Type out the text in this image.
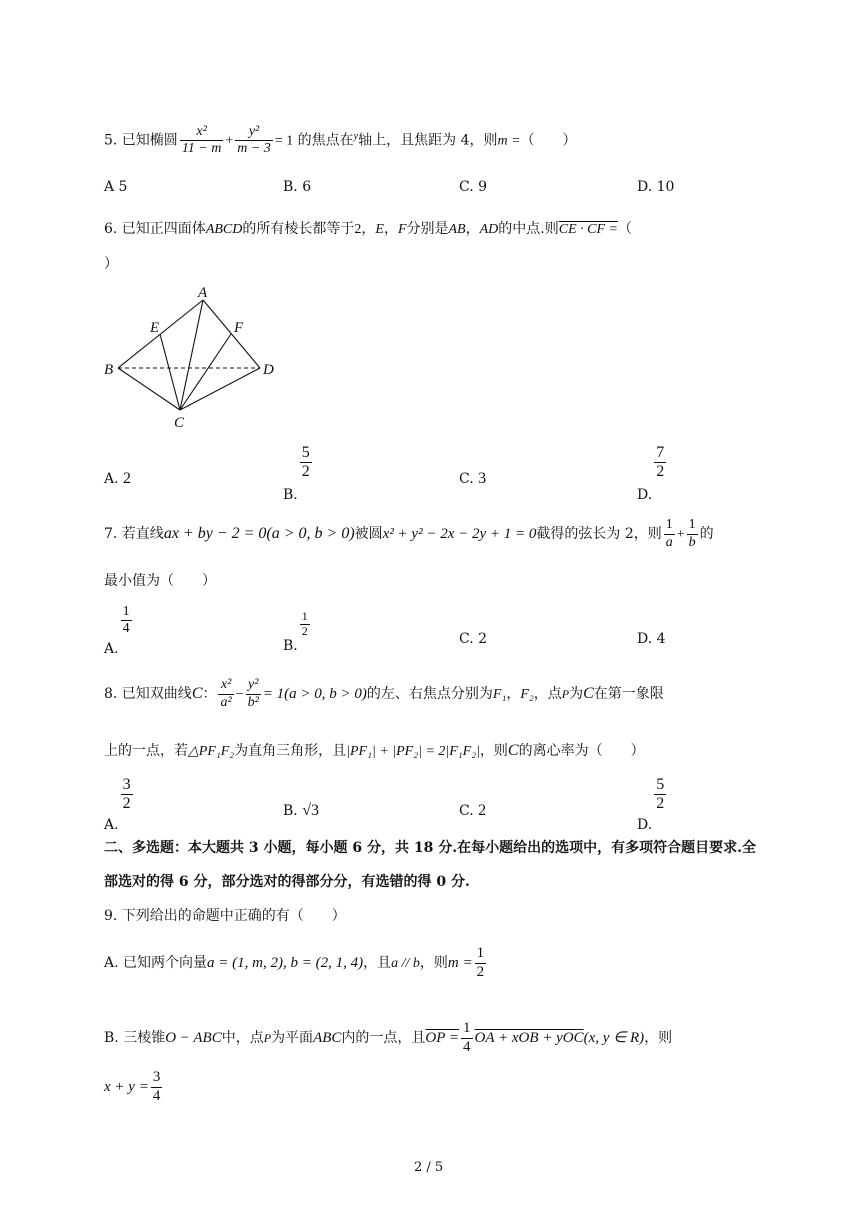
5. 已知椭圆 $\frac{\text{x²}}{11 - m} + \frac{\text{y²}}{m - 3} = 1$ 的焦点在$^y$轴上，且焦距为 4，则m =（　　）
A 5	B. 6	C. 9	D. 10
6. 已知正四面体ABCD的所有棱长都等于2，E，F分别是AB，AD的中点.则CE · CF =（
）
A
B
C
D
E	F
A. 2
B.
$\frac{5}{2}$	C. 3
D.
$\frac{7}{2}$
7. 若直线ax + by − 2 = 0(a > 0, b > 0)被圆x² + y² − 2x − 2y + 1 = 0截得的弦长为 2，则 $\frac{1}{a} + \frac{1}{b}$ 的
最小值为（　　）
A.
$\frac{1}{4}$
B.
$\frac{1}{2}$
C. 2	D. 4
8. 已知双曲线C： $\frac{\text{x²}}{\text{a²}} - \frac{\text{y²}}{\text{b²}} = 1(a > 0$, b > 0)的左、右焦点分别为F₁，F₂，点P为C在第一象限
上的一点，若△PF₁F₂为直角三角形，且|PF₁| + |PF₂| = 2|F₁F₂|，则C的离心率为（　　）
A.
$\frac{3}{2}$	B. √3	C. 2
D.
$\frac{5}{2}$
二、多选题：本大题共 3 小题，每小题 6 分，共 18 分.在每小题给出的选项中，有多项符合题目要求.全
部选对的得 6 分，部分选对的得部分分，有选错的得 0 分.
9. 下列给出的命题中正确的有（　　）
A. 已知两个向量a = (1, m, 2), b = (2, 1, 4)，且a // b，则$m = \frac{1}{2}$
B. 三棱锥O − ABC中，点P为平面ABC内的一点，且OP = $\frac{1}{4}$ OA + xOB + yOC(x, y ∈ R)，则
$x + y = \frac{3}{4}$
2 / 5
